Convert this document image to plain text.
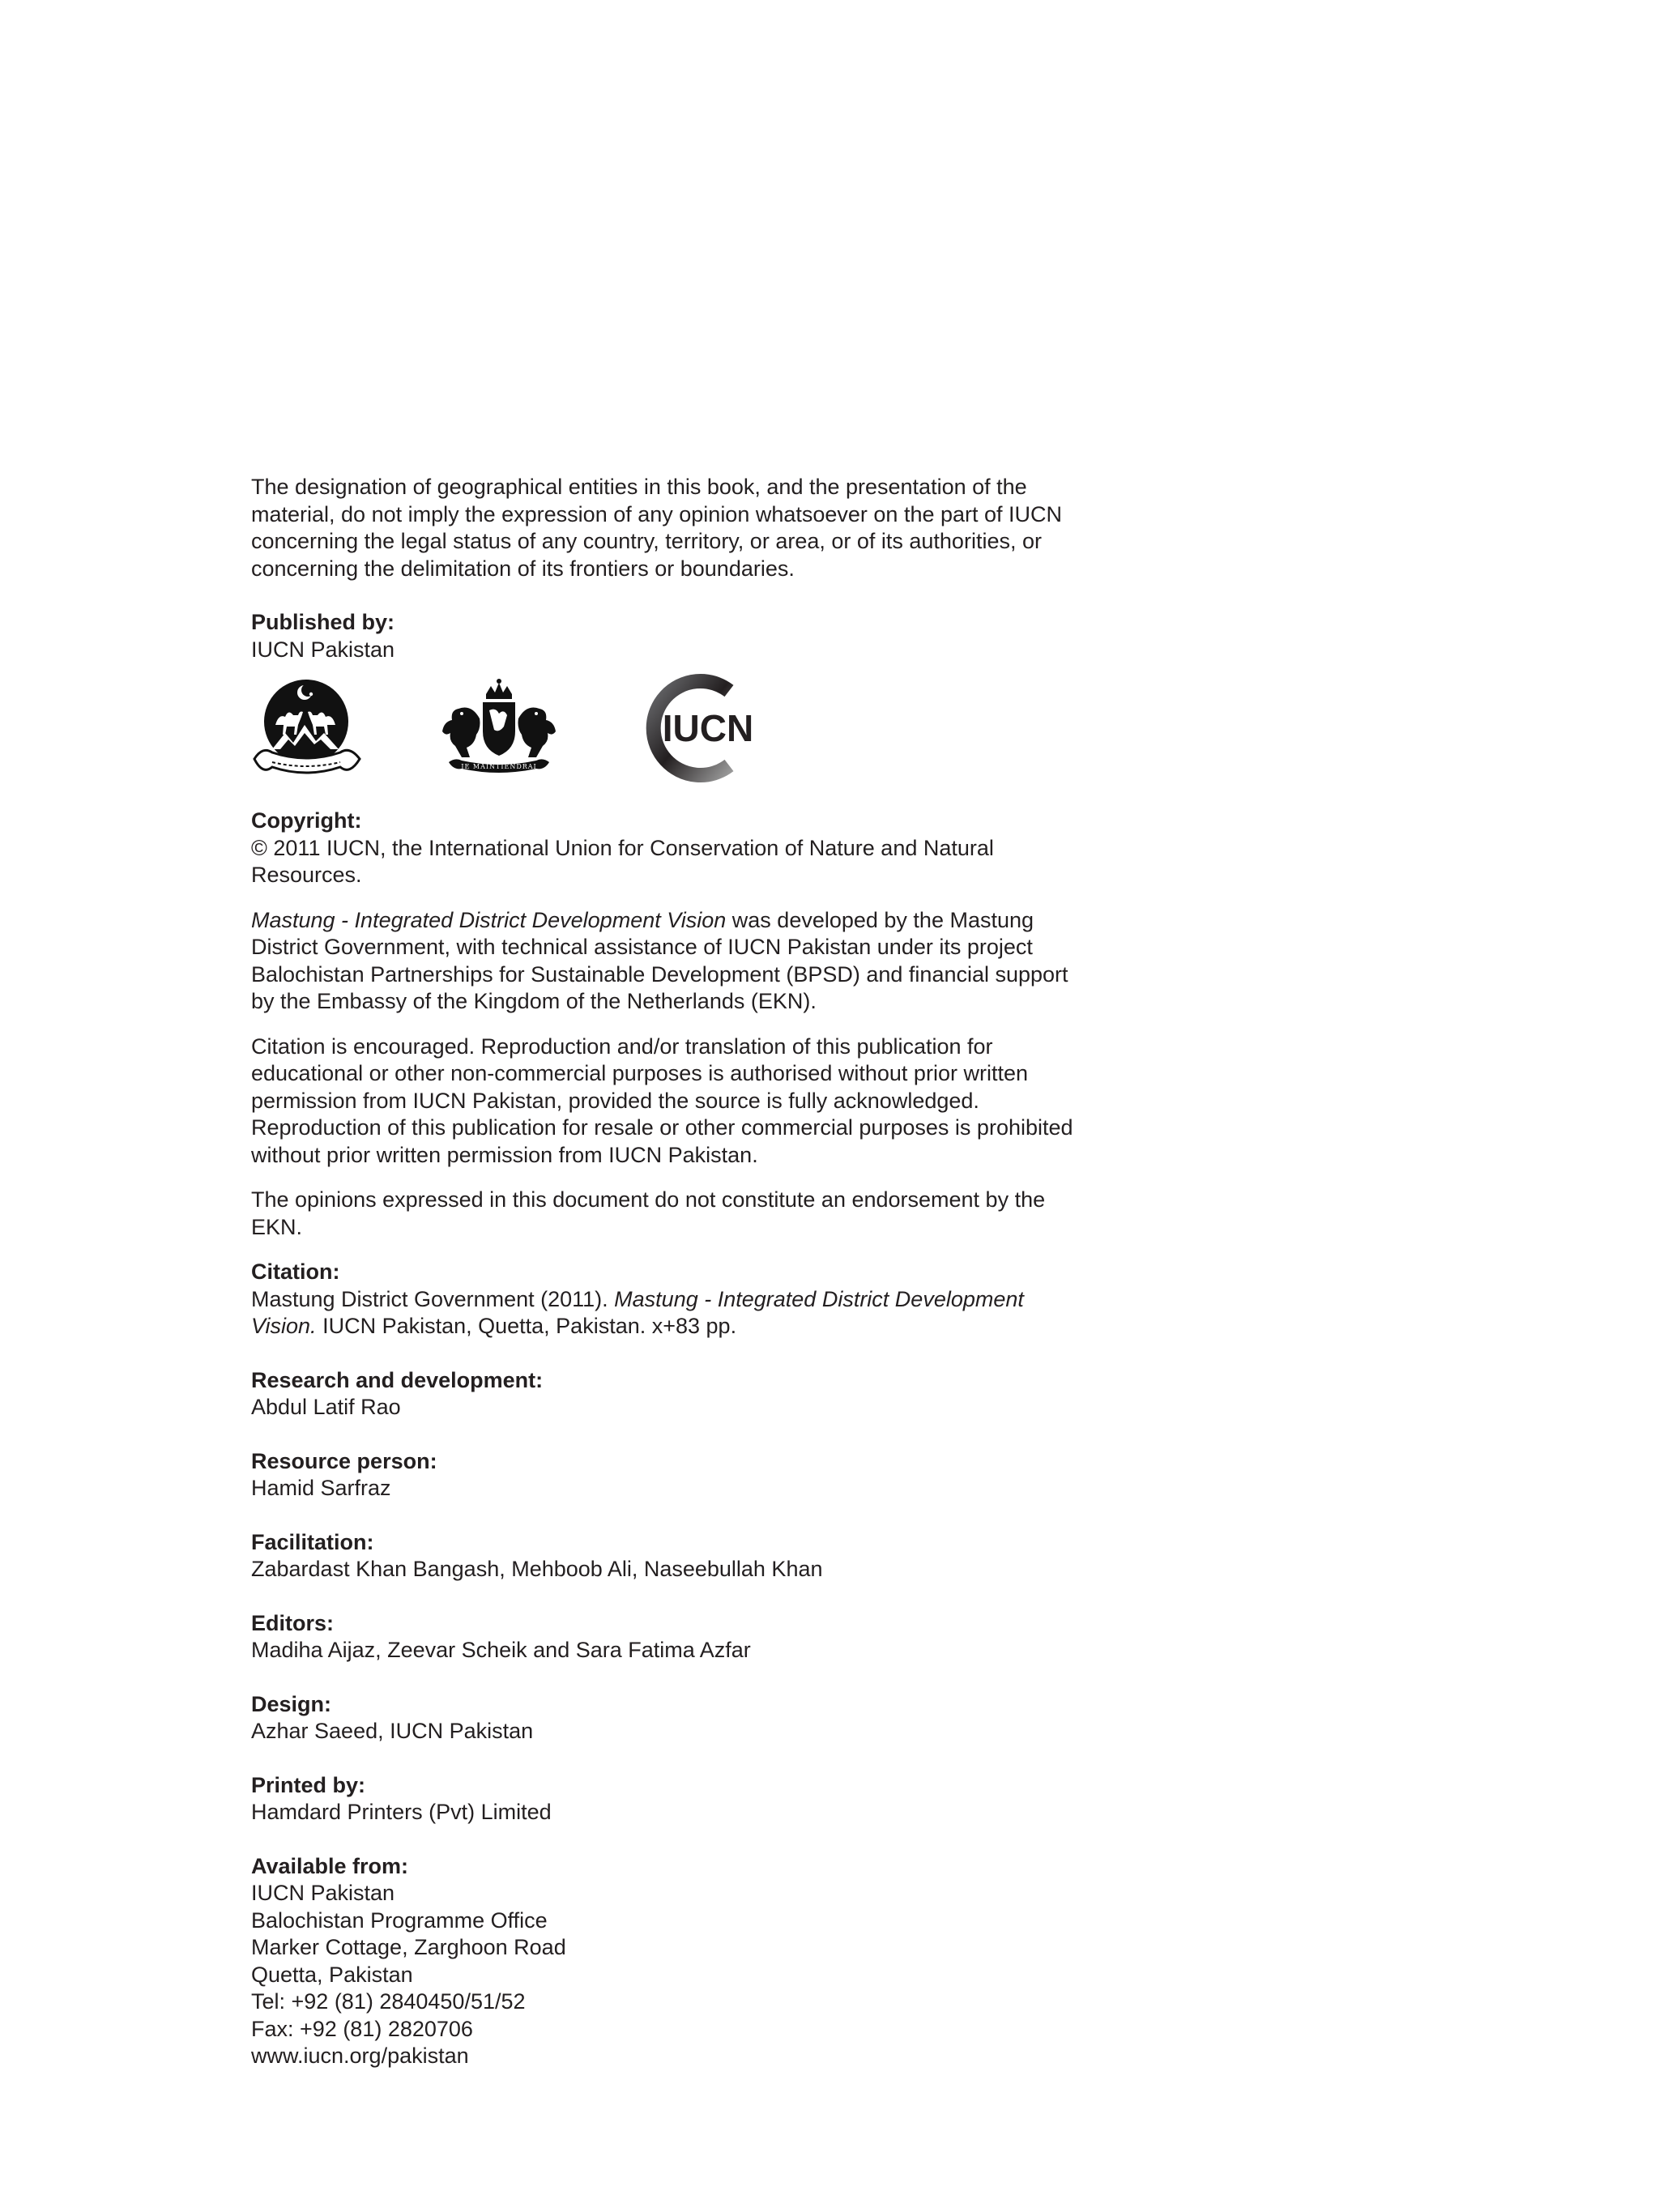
The designation of geographical entities in this book, and the presentation of the material, do not imply the expression of any opinion whatsoever on the part of IUCN concerning the legal status of any country, territory, or area, or of its authorities, or concerning the delimitation of its frontiers or boundaries.

Published by:

IUCN Pakistan

JE MAINTIENDRAI
IUCN

Copyright:

© 2011 IUCN, the International Union for Conservation of Nature and Natural Resources.

Mastung - Integrated District Development Vision was developed by the Mastung District Government, with technical assistance of IUCN Pakistan under its project Balochistan Partnerships for Sustainable Development (BPSD) and financial support by the Embassy of the Kingdom of the Netherlands (EKN).

Citation is encouraged. Reproduction and/or translation of this publication for educational or other non-commercial purposes is authorised without prior written permission from IUCN Pakistan, provided the source is fully acknowledged. Reproduction of this publication for resale or other commercial purposes is prohibited without prior written permission from IUCN Pakistan.

The opinions expressed in this document do not constitute an endorsement by the EKN.

Citation:

Mastung District Government (2011). Mastung - Integrated District Development Vision. IUCN Pakistan, Quetta, Pakistan. x+83 pp.

Research and development:

Abdul Latif Rao

Resource person:

Hamid Sarfraz

Facilitation:

Zabardast Khan Bangash, Mehboob Ali, Naseebullah Khan

Editors:

Madiha Aijaz, Zeevar Scheik and Sara Fatima Azfar

Design:

Azhar Saeed, IUCN Pakistan

Printed by:

Hamdard Printers (Pvt) Limited

Available from:

IUCN Pakistan
Balochistan Programme Office
Marker Cottage, Zarghoon Road
Quetta, Pakistan
Tel: +92 (81) 2840450/51/52
Fax: +92 (81) 2820706
www.iucn.org/pakistan
